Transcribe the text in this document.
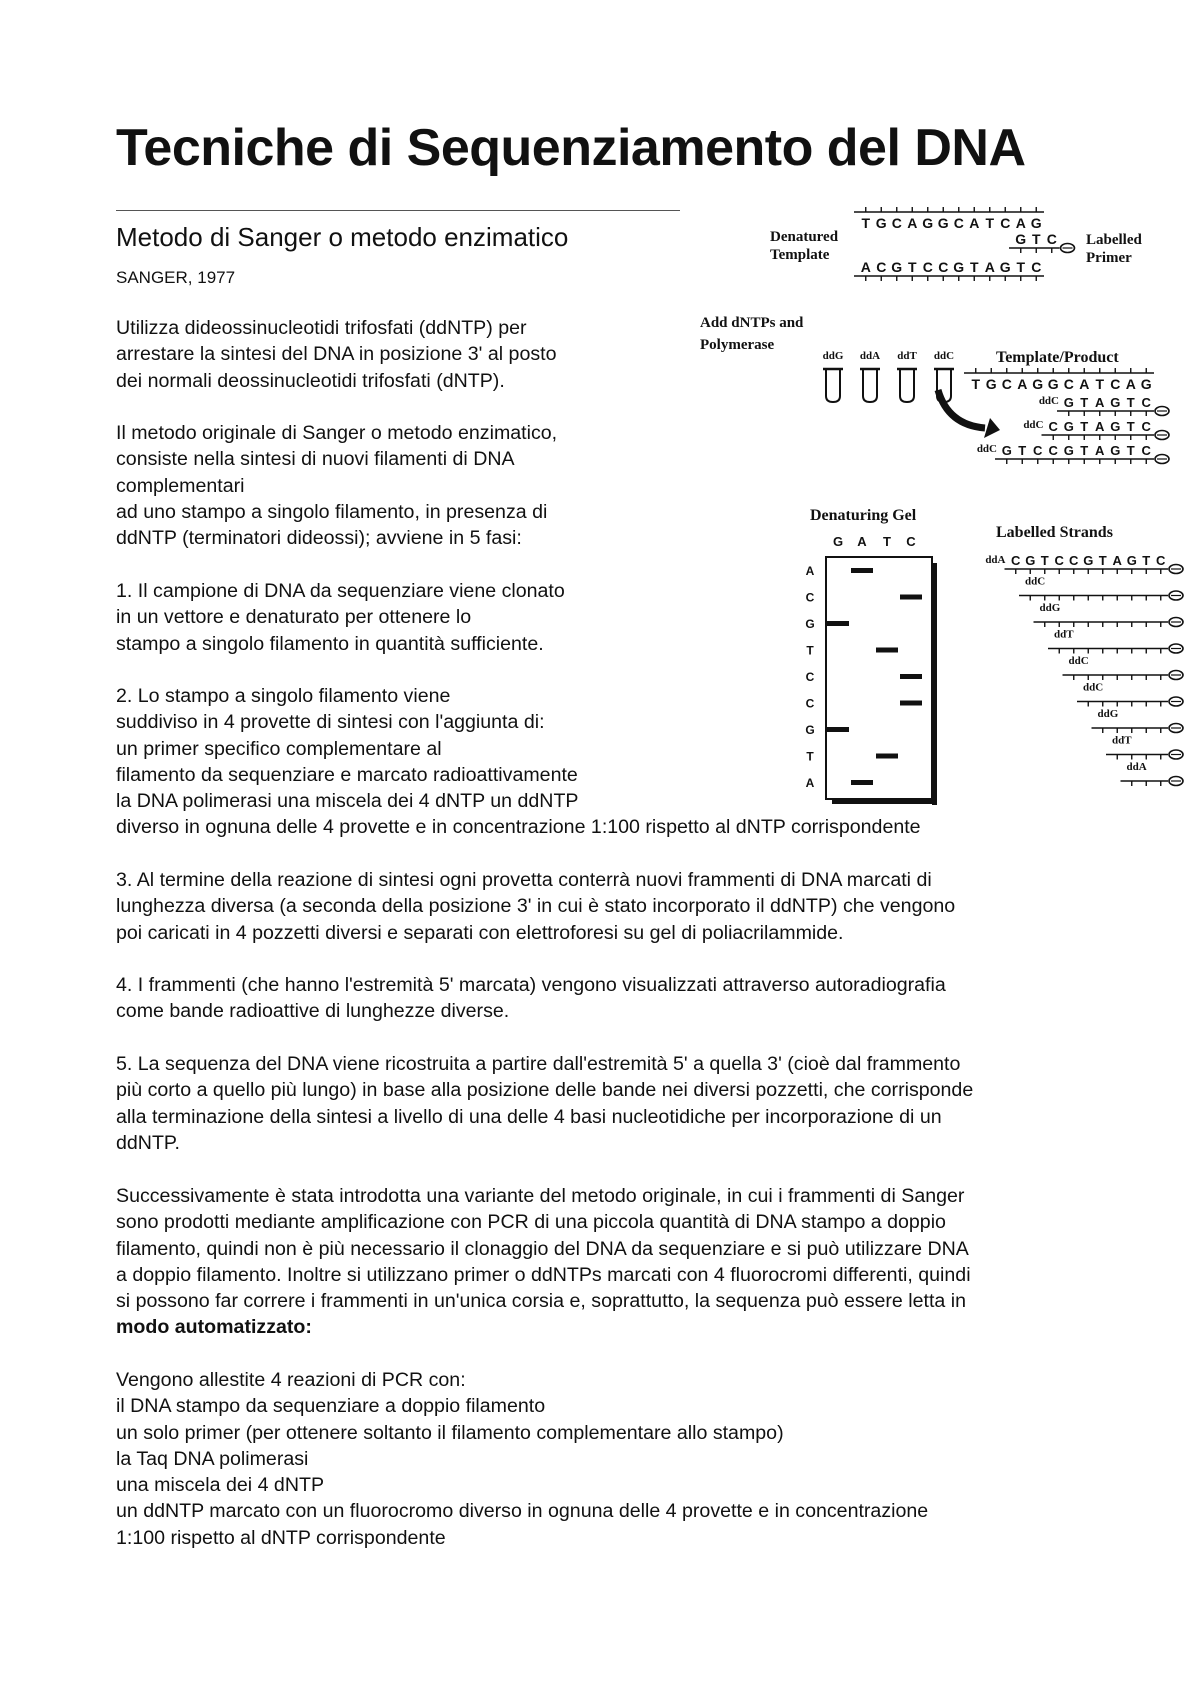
Tecniche di Sequenziamento del DNA
Metodo di Sanger o metodo enzimatico
SANGER, 1977

Utilizza dideossinucleotidi trifosfati (ddNTP) per
arrestare la sintesi del DNA in posizione 3' al posto
dei normali deossinucleotidi trifosfati (dNTP).

Il metodo originale di Sanger o metodo enzimatico,
consiste nella sintesi di nuovi filamenti di DNA
complementari
ad uno stampo a singolo filamento, in presenza di
ddNTP (terminatori dideossi); avviene in 5 fasi:

1. Il campione di DNA da sequenziare viene clonato
in un vettore e denaturato per ottenere lo
stampo a singolo filamento in quantità sufficiente.

2. Lo stampo a singolo filamento viene
suddiviso in 4 provette di sintesi con l'aggiunta di:
un primer specifico complementare al
filamento da sequenziare e marcato radioattivamente
la DNA polimerasi una miscela dei 4 dNTP un ddNTP
diverso in ognuna delle 4 provette e in concentrazione 1:100 rispetto al dNTP corrispondente

3. Al termine della reazione di sintesi ogni provetta conterrà nuovi frammenti di DNA marcati di
lunghezza diversa (a seconda della posizione 3' in cui è stato incorporato il ddNTP) che vengono
poi caricati in 4 pozzetti diversi e separati con elettroforesi su gel di poliacrilammide.

4. I frammenti (che hanno l'estremità 5' marcata) vengono visualizzati attraverso autoradiografia
come bande radioattive di lunghezze diverse.

5. La sequenza del DNA viene ricostruita a partire dall'estremità 5' a quella 3' (cioè dal frammento
più corto a quello più lungo) in base alla posizione delle bande nei diversi pozzetti, che corrisponde
alla terminazione della sintesi a livello di una delle 4 basi nucleotidiche per incorporazione di un
ddNTP.

Successivamente è stata introdotta una variante del metodo originale, in cui i frammenti di Sanger
sono prodotti mediante amplificazione con PCR di una piccola quantità di DNA stampo a doppio
filamento, quindi non è più necessario il clonaggio del DNA da sequenziare e si può utilizzare DNA
a doppio filamento. Inoltre si utilizzano primer o ddNTPs marcati con 4 fluorocromi differenti, quindi
si possono far correre i frammenti in un'unica corsia e, soprattutto, la sequenza può essere letta in
modo automatizzato:

Vengono allestite 4 reazioni di PCR con:
il DNA stampo da sequenziare a doppio filamento
un solo primer (per ottenere soltanto il filamento complementare allo stampo)
la Taq DNA polimerasi
una miscela dei 4 dNTP
un ddNTP marcato con un fluorocromo diverso in ognuna delle 4 provette e in concentrazione
1:100 rispetto al dNTP corrispondente

Denatured
Template
Labelled
Primer
T G C A G G C A T C A G
G T C
A C G T C C G T A G T C
Add dNTPs and
Polymerase
ddG ddA ddT ddC	Template/Product
T G C A G G C A T C A G
ddC G T A G T C
ddC C G T A G T C
ddC G T C C G T A G T C
Denaturing Gel
G A T C
A
C
G
T
C
C
G
T
A
Labelled Strands
ddA C G T C C G T A G T C
ddC
ddG
ddT
ddC
ddC
ddG
ddT
ddA
